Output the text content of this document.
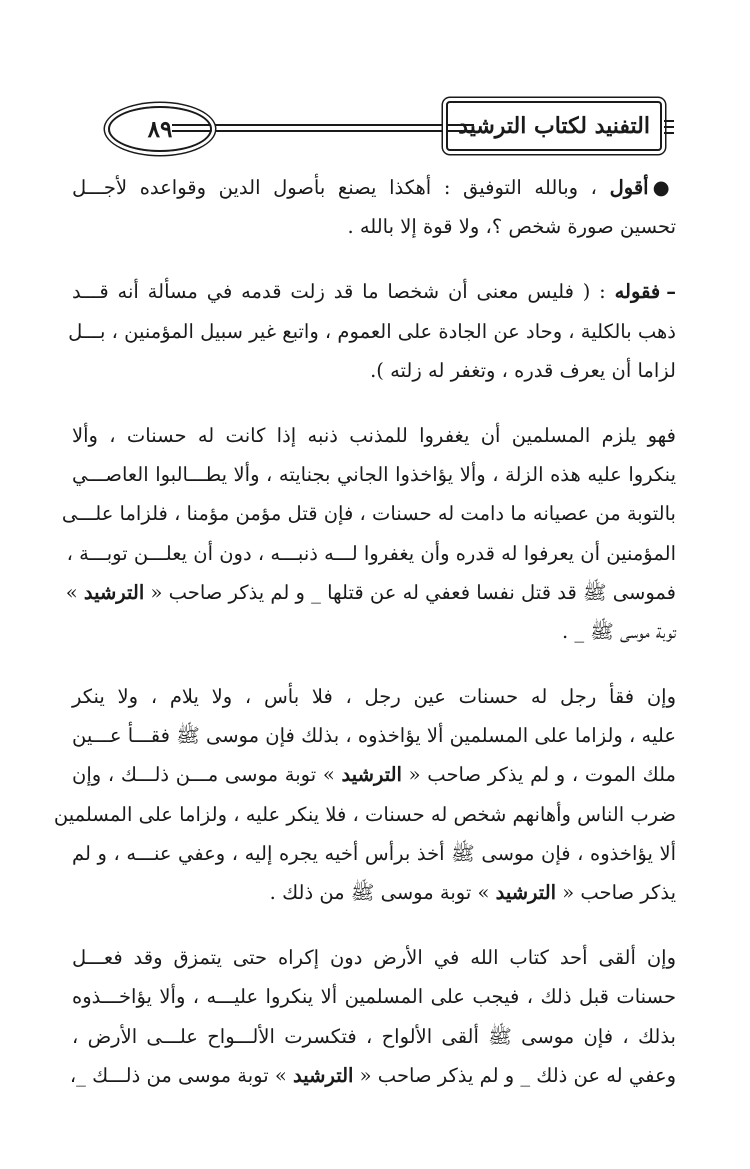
٨٩	التفنيد لكتاب الترشيد
●أقول ، وبالله التوفيق : أهكذا يصنع بأصول الدين وقواعده لأجـــل
تحسين صورة شخص ؟، ولا قوة إلا بالله .
–فقوله : ( فليس معنى أن شخصا ما قد زلت قدمه في مسألة أنه قـــد
ذهب بالكلية ، وحاد عن الجادة على العموم ، واتبع غير سبيل المؤمنين ، بـــل
لزاما أن يعرف قدره ، وتغفر له زلته ).
فهو يلزم المسلمين أن يغفروا للمذنب ذنبه إذا كانت له حسنات ، وألا
ينكروا عليه هذه الزلة ، وألا يؤاخذوا الجاني بجنايته ، وألا يطـــالبوا العاصـــي
بالتوبة من عصيانه ما دامت له حسنات ، فإن قتل مؤمن مؤمنا ، فلزاما علـــى
المؤمنين أن يعرفوا له قدره وأن يغفروا لـــه ذنبـــه ، دون أن يعلـــن توبـــة ،
فموسى ﷺ قد قتل نفسا فعفي له عن قتلها _ و لم يذكر صاحب « الترشيد »
توبة موسى ﷺ _ .
وإن فقأ رجل له حسنات عين رجل ، فلا بأس ، ولا يلام ، ولا ينكر
عليه ، ولزاما على المسلمين ألا يؤاخذوه ، بذلك فإن موسى ﷺ فقـــأ عـــين
ملك الموت ، و لم يذكر صاحب « الترشيد » توبة موسى مـــن ذلـــك ، وإن
ضرب الناس وأهانهم شخص له حسنات ، فلا ينكر عليه ، ولزاما على المسلمين
ألا يؤاخذوه ، فإن موسى ﷺ أخذ برأس أخيه يجره إليه ، وعفي عنـــه ، و لم
يذكر صاحب « الترشيد » توبة موسى ﷺ من ذلك .
وإن ألقى أحد كتاب الله في الأرض دون إكراه حتى يتمزق وقد فعـــل
حسنات قبل ذلك ، فيجب على المسلمين ألا ينكروا عليـــه ، وألا يؤاخـــذوه
بذلك ، فإن موسى ﷺ ألقى الألواح ، فتكسرت الألـــواح علـــى الأرض ،
وعفي له عن ذلك _ و لم يذكر صاحب « الترشيد » توبة موسى من ذلـــك _،
